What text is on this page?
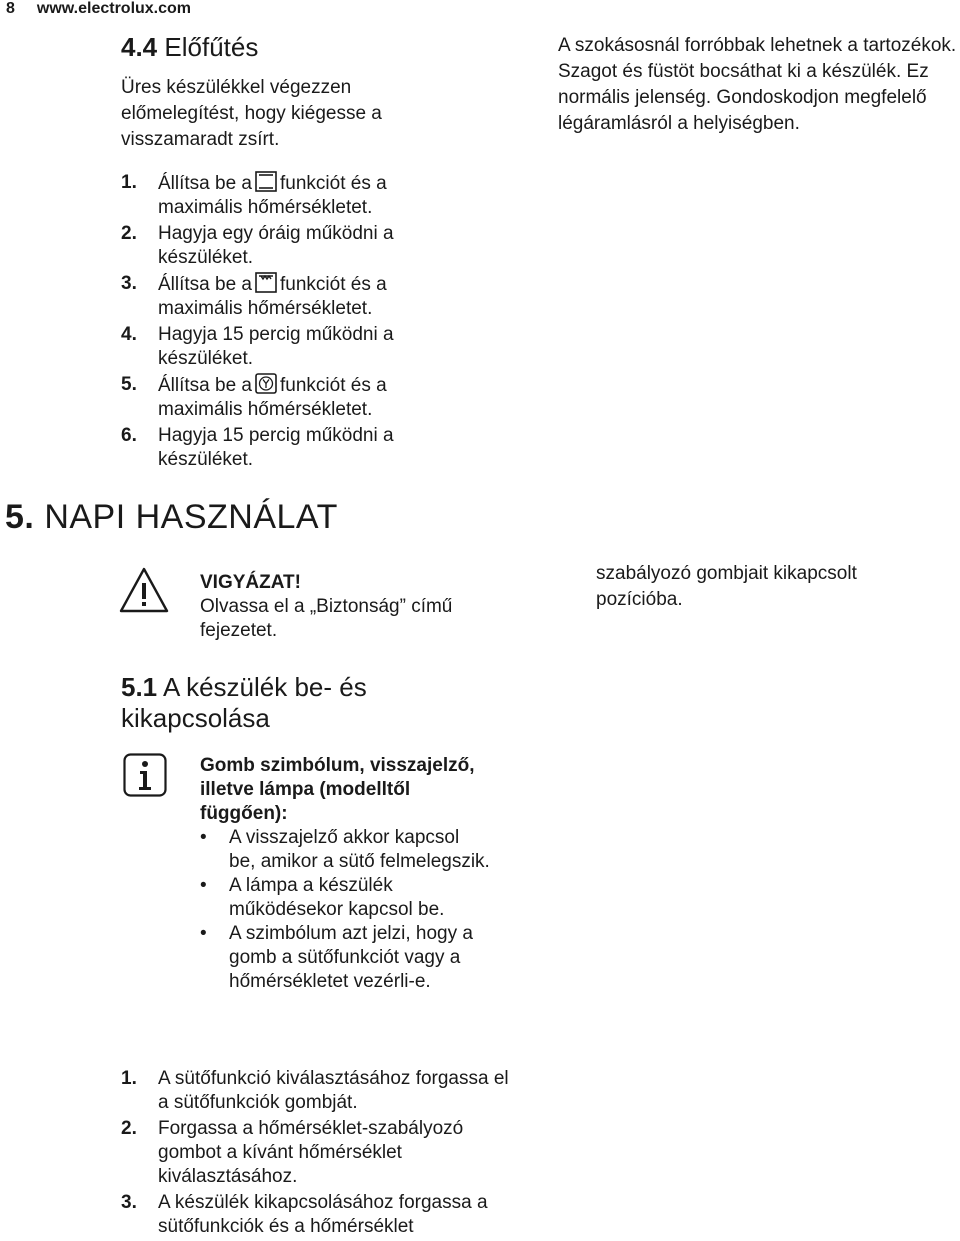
8 www.electrolux.com
4.4 Előfűtés
Üres készülékkel végezzen előmelegítést, hogy kiégesse a visszamaradt zsírt.
1. Állítsa be a funkciót és a maximális hőmérsékletet.
2. Hagyja egy óráig működni a készüléket.
3. Állítsa be a funkciót és a maximális hőmérsékletet.
4. Hagyja 15 percig működni a készüléket.
5. Állítsa be a funkciót és a maximális hőmérsékletet.
6. Hagyja 15 percig működni a készüléket.
A szokásosnál forróbbak lehetnek a tartozékok. Szagot és füstöt bocsáthat ki a készülék. Ez normális jelenség. Gondoskodjon megfelelő légáramlásról a helyiségben.
5. NAPI HASZNÁLAT
VIGYÁZAT!
Olvassa el a „Biztonság” című fejezetet.
szabályozó gombjait kikapcsolt pozícióba.
5.1 A készülék be- és kikapcsolása
Gomb szimbólum, visszajelző, illetve lámpa (modelltől függően):
• A visszajelző akkor kapcsol be, amikor a sütő felmelegszik.
• A lámpa a készülék működésekor kapcsol be.
• A szimbólum azt jelzi, hogy a gomb a sütőfunkciót vagy a hőmérsékletet vezérli-e.
1. A sütőfunkció kiválasztásához forgassa el a sütőfunkciók gombját.
2. Forgassa a hőmérséklet-szabályozó gombot a kívánt hőmérséklet kiválasztásához.
3. A készülék kikapcsolásához forgassa a sütőfunkciók és a hőmérséklet
